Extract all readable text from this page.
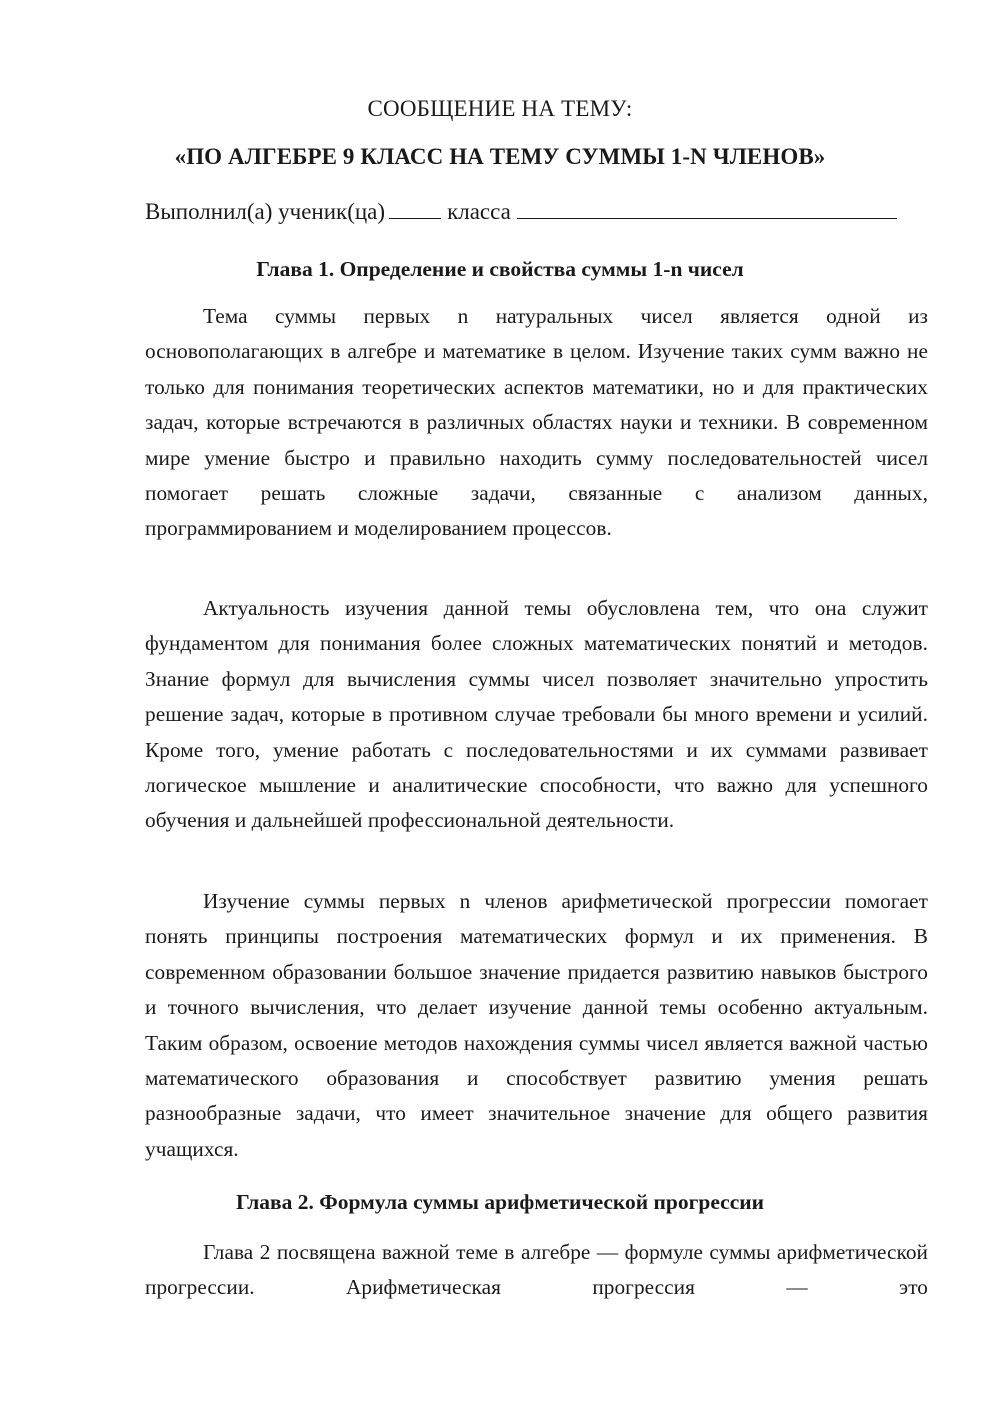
СООБЩЕНИЕ НА ТЕМУ:
«ПО АЛГЕБРЕ 9 КЛАСС НА ТЕМУ СУММЫ 1-N ЧЛЕНОВ»
Выполнил(а) ученик(ца)	класса
Глава 1. Определение и свойства суммы 1-n чисел

Тема суммы первых n натуральных чисел является одной из основополагающих в алгебре и математике в целом. Изучение таких сумм важно не только для понимания теоретических аспектов математики, но и для практических задач, которые встречаются в различных областях науки и техники. В современном мире умение быстро и правильно находить сумму последовательностей чисел помогает решать сложные задачи, связанные с анализом данных, программированием и моделированием процессов.

Актуальность изучения данной темы обусловлена тем, что она служит фундаментом для понимания более сложных математических понятий и методов. Знание формул для вычисления суммы чисел позволяет значительно упростить решение задач, которые в противном случае требовали бы много времени и усилий. Кроме того, умение работать с последовательностями и их суммами развивает логическое мышление и аналитические способности, что важно для успешного обучения и дальнейшей профессиональной деятельности.

Изучение суммы первых n членов арифметической прогрессии помогает понять принципы построения математических формул и их применения. В современном образовании большое значение придается развитию навыков быстрого и точного вычисления, что делает изучение данной темы особенно актуальным. Таким образом, освоение методов нахождения суммы чисел является важной частью математического образования и способствует развитию умения решать разнообразные задачи, что имеет значительное значение для общего развития учащихся.

Глава 2. Формула суммы арифметической прогрессии

Глава 2 посвящена важной теме в алгебре — формуле суммы арифметической прогрессии. Арифметическая прогрессия — это
